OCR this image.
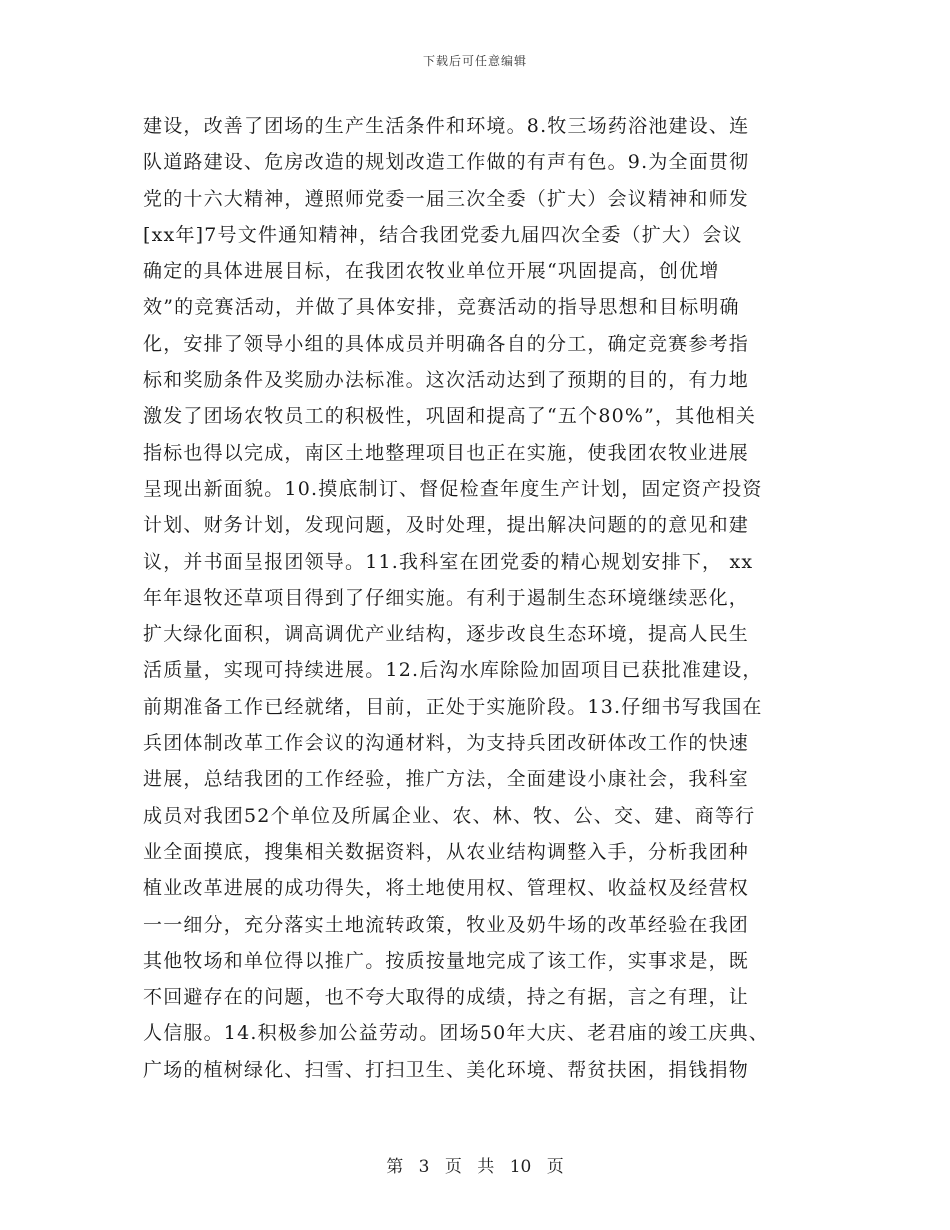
下载后可任意编辑
建设，改善了团场的生产生活条件和环境。8.牧三场药浴池建设、连
队道路建设、危房改造的规划改造工作做的有声有色。9.为全面贯彻
党的十六大精神，遵照师党委一届三次全委（扩大）会议精神和师发
[xx年]7号文件通知精神，结合我团党委九届四次全委（扩大）会议
确定的具体进展目标，在我团农牧业单位开展“巩固提高，创优增
效”的竞赛活动，并做了具体安排，竞赛活动的指导思想和目标明确
化，安排了领导小组的具体成员并明确各自的分工，确定竞赛参考指
标和奖励条件及奖励办法标准。这次活动达到了预期的目的，有力地
激发了团场农牧员工的积极性，巩固和提高了“五个80%”，其他相关
指标也得以完成，南区土地整理项目也正在实施，使我团农牧业进展
呈现出新面貌。10.摸底制订、督促检查年度生产计划，固定资产投资
计划、财务计划，发现问题，及时处理，提出解决问题的的意见和建
议，并书面呈报团领导。11.我科室在团党委的精心规划安排下， xx
年年退牧还草项目得到了仔细实施。有利于遏制生态环境继续恶化，
扩大绿化面积，调高调优产业结构，逐步改良生态环境，提高人民生
活质量，实现可持续进展。12.后沟水库除险加固项目已获批准建设，
前期准备工作已经就绪，目前，正处于实施阶段。13.仔细书写我国在
兵团体制改革工作会议的沟通材料，为支持兵团改研体改工作的快速
进展，总结我团的工作经验，推广方法，全面建设小康社会，我科室
成员对我团52个单位及所属企业、农、林、牧、公、交、建、商等行
业全面摸底，搜集相关数据资料，从农业结构调整入手，分析我团种
植业改革进展的成功得失，将土地使用权、管理权、收益权及经营权
一一细分，充分落实土地流转政策，牧业及奶牛场的改革经验在我团
其他牧场和单位得以推广。按质按量地完成了该工作，实事求是，既
不回避存在的问题，也不夸大取得的成绩，持之有据，言之有理，让
人信服。14.积极参加公益劳动。团场50年大庆、老君庙的竣工庆典、
广场的植树绿化、扫雪、打扫卫生、美化环境、帮贫扶困，捐钱捐物
第 3 页 共 10 页
